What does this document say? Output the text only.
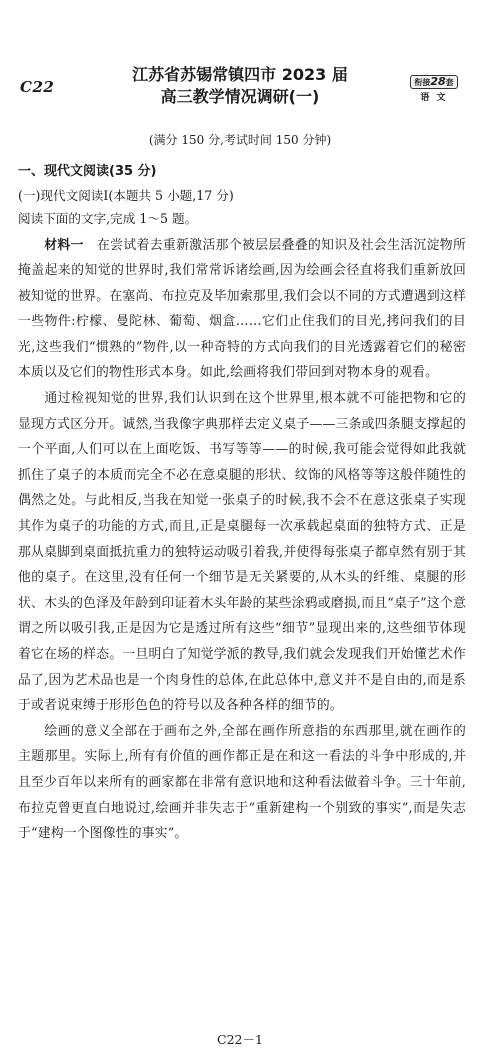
C22
江苏省苏锡常镇四市 2023 届
高三教学情况调研(一)
衔接28套
语 文
(满分 150 分,考试时间 150 分钟)
一、现代文阅读(35 分)
(一)现代文阅读Ⅰ(本题共 5 小题,17 分)
阅读下面的文字,完成 1～5 题。

材料一　 在尝试着去重新激活那个被层层叠叠的知识及社会生活沉淀物所掩盖起来的知觉的世界时,我们常常诉诸绘画,因为绘画会径直将我们重新放回被知觉的世界。在塞尚、布拉克及毕加索那里,我们会以不同的方式遭遇到这样一些物件:柠檬、曼陀林、葡萄、烟盒……它们止住我们的目光,拷问我们的目光,这些我们“惯熟的”物件,以一种奇特的方式向我们的目光透露着它们的秘密本质以及它们的物性形式本身。如此,绘画将我们带回到对物本身的观看。

通过检视知觉的世界,我们认识到在这个世界里,根本就不可能把物和它的显现方式区分开。诚然,当我像字典那样去定义桌子——三条或四条腿支撑起的一个平面,人们可以在上面吃饭、书写等等——的时候,我可能会觉得如此我就抓住了桌子的本质而完全不必在意桌腿的形状、纹饰的风格等等这般伴随性的偶然之处。与此相反,当我在知觉一张桌子的时候,我不会不在意这张桌子实现其作为桌子的功能的方式,而且,正是桌腿每一次承载起桌面的独特方式、正是那从桌脚到桌面抵抗重力的独特运动吸引着我,并使得每张桌子都卓然有别于其他的桌子。在这里,没有任何一个细节是无关紧要的,从木头的纤维、桌腿的形状、木头的色泽及年龄到印证着木头年龄的某些涂鸦或磨损,而且“桌子”这个意谓之所以吸引我,正是因为它是透过所有这些“细节”显现出来的,这些细节体现着它在场的样态。一旦明白了知觉学派的教导,我们就会发现我们开始懂艺术作品了,因为艺术品也是一个肉身性的总体,在此总体中,意义并不是自由的,而是系于或者说束缚于形形色色的符号以及各种各样的细节的。

绘画的意义全部在于画布之外,全部在画作所意指的东西那里,就在画作的主题那里。实际上,所有有价值的画作都正是在和这一看法的斗争中形成的,并且至少百年以来所有的画家都在非常有意识地和这种看法做着斗争。三十年前,布拉克曾更直白地说过,绘画并非失志于“重新建构一个别致的事实”,而是失志于“建构一个图像性的事实”。

C22－1
